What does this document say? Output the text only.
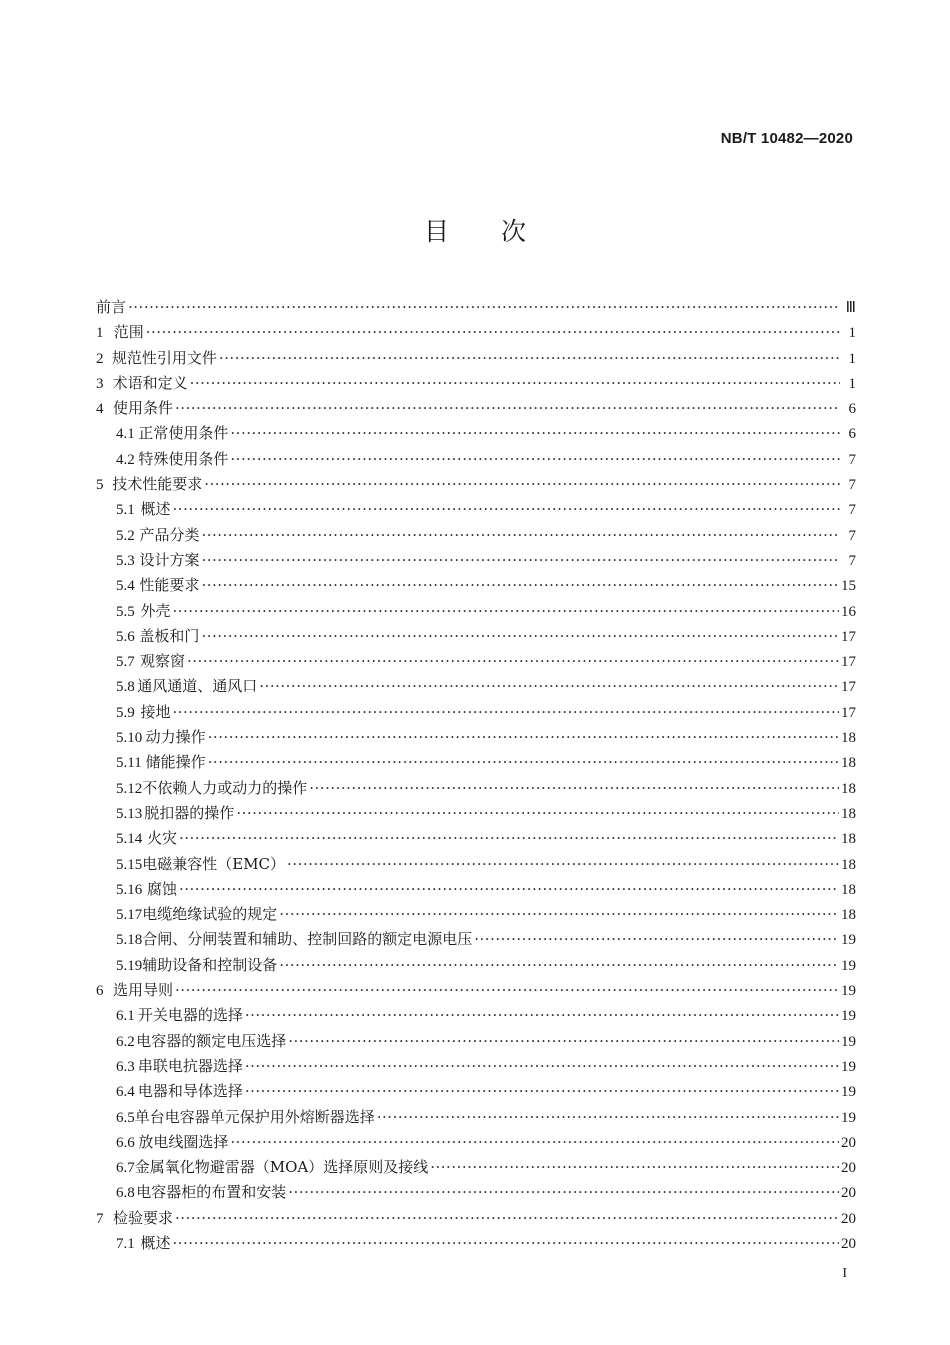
NB/T 10482—2020
目次
前言 ·····	Ⅲ
1 范围 ·····	1
2 规范性引用文件 ·····	1
3 术语和定义 ·····	1
4 使用条件 ·····	6
4.1 正常使用条件 ·····	6
4.2 特殊使用条件 ·····	7
5 技术性能要求 ·····	7
5.1 概述 ·····	7
5.2 产品分类 ·····	7
5.3 设计方案 ·····	7
5.4 性能要求 ·····	15
5.5 外壳 ·····	16
5.6 盖板和门 ·····	17
5.7 观察窗 ·····	17
5.8 通风通道、通风口 ·····	17
5.9 接地 ·····	17
5.10 动力操作 ·····	18
5.11 储能操作 ·····	18
5.12 不依赖人力或动力的操作 ·····	18
5.13 脱扣器的操作 ·····	18
5.14 火灾 ·····	18
5.15 电磁兼容性（EMC） ·····	18
5.16 腐蚀 ·····	18
5.17 电缆绝缘试验的规定 ·····	18
5.18 合闸、分闸装置和辅助、控制回路的额定电源电压 ·····	19
5.19 辅助设备和控制设备 ·····	19
6 选用导则 ·····	19
6.1 开关电器的选择 ·····	19
6.2 电容器的额定电压选择 ·····	19
6.3 串联电抗器选择 ·····	19
6.4 电器和导体选择 ·····	19
6.5 单台电容器单元保护用外熔断器选择 ·····	19
6.6 放电线圈选择 ·····	20
6.7 金属氧化物避雷器（MOA）选择原则及接线 ·····	20
6.8 电容器柜的布置和安装 ·····	20
7 检验要求 ·····	20
7.1 概述 ·····	20
I
